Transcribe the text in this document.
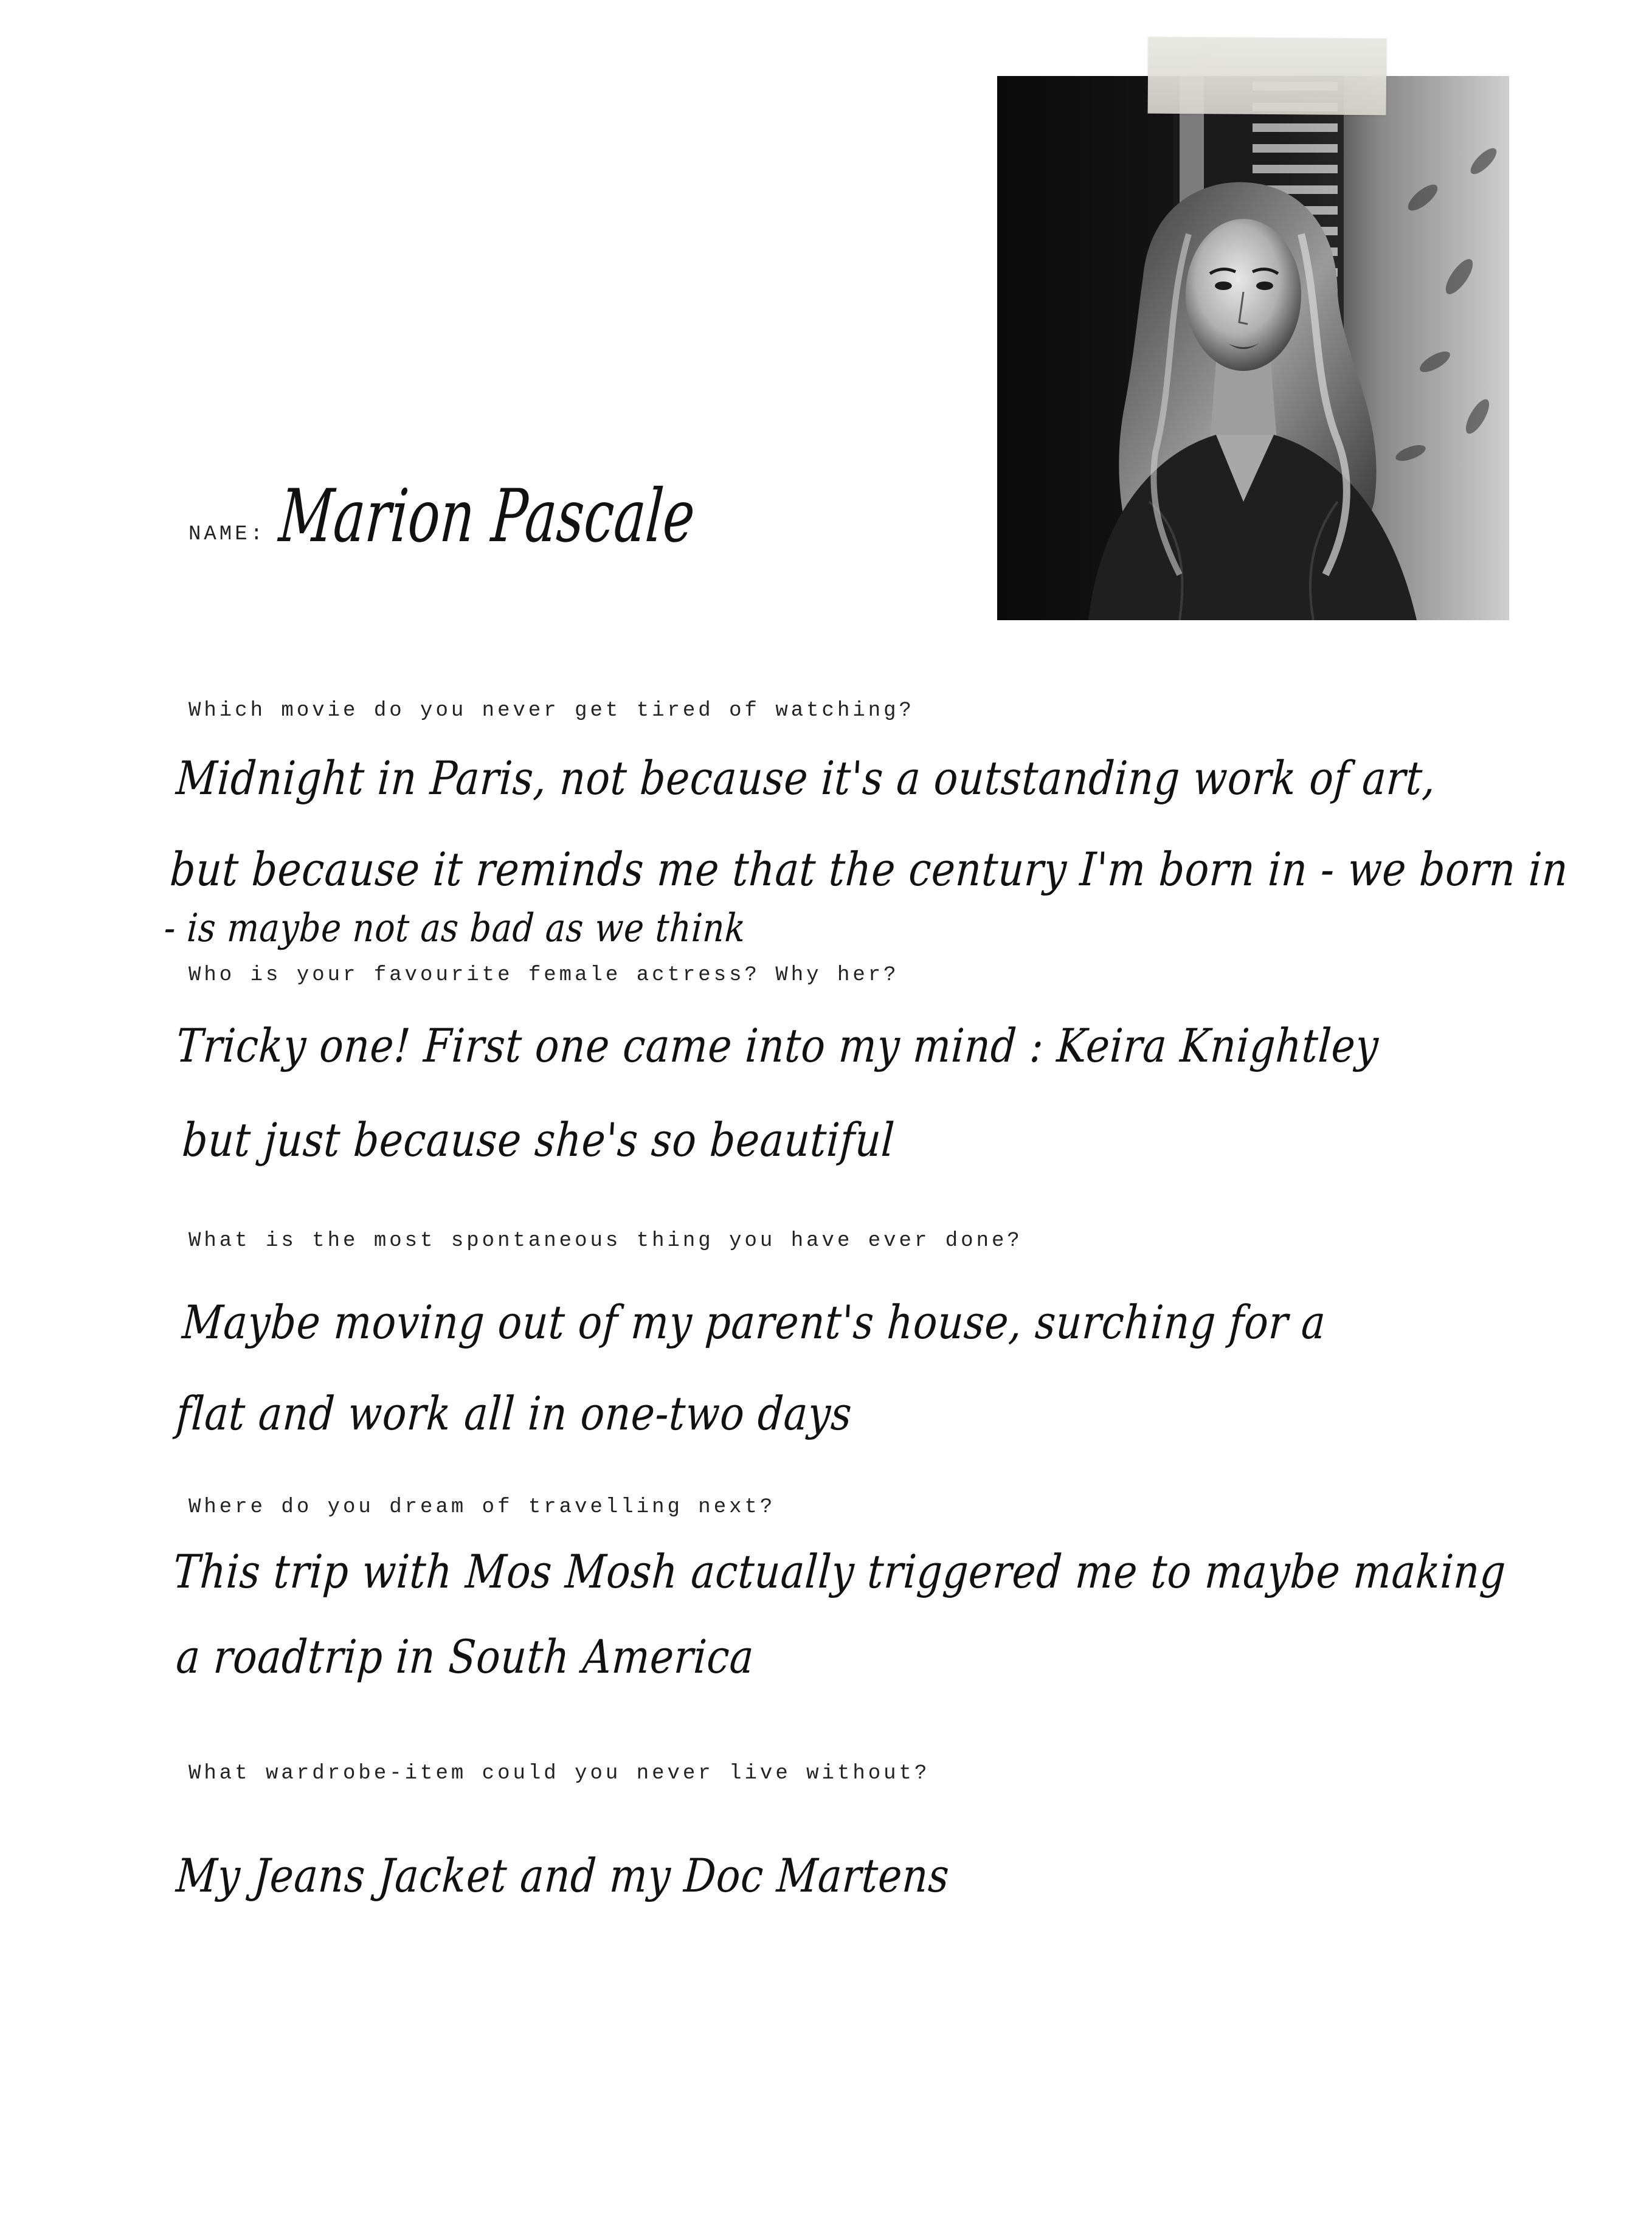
NAME: Marion Pascale
Which movie do you never get tired of watching?
Midnight in Paris, not because it's a outstanding work of art,
but because it reminds me that the century I'm born in - we born in
- is maybe not as bad as we think
Who is your favourite female actress? Why her?
Tricky one! First one came into my mind : Keira Knightley
but just because she's so beautiful
What is the most spontaneous thing you have ever done?
Maybe moving out of my parent's house, surching for a
flat and work all in one-two days
Where do you dream of travelling next?
This trip with Mos Mosh actually triggered me to maybe making
a roadtrip in South America
What wardrobe-item could you never live without?
My Jeans Jacket and my Doc Martens
